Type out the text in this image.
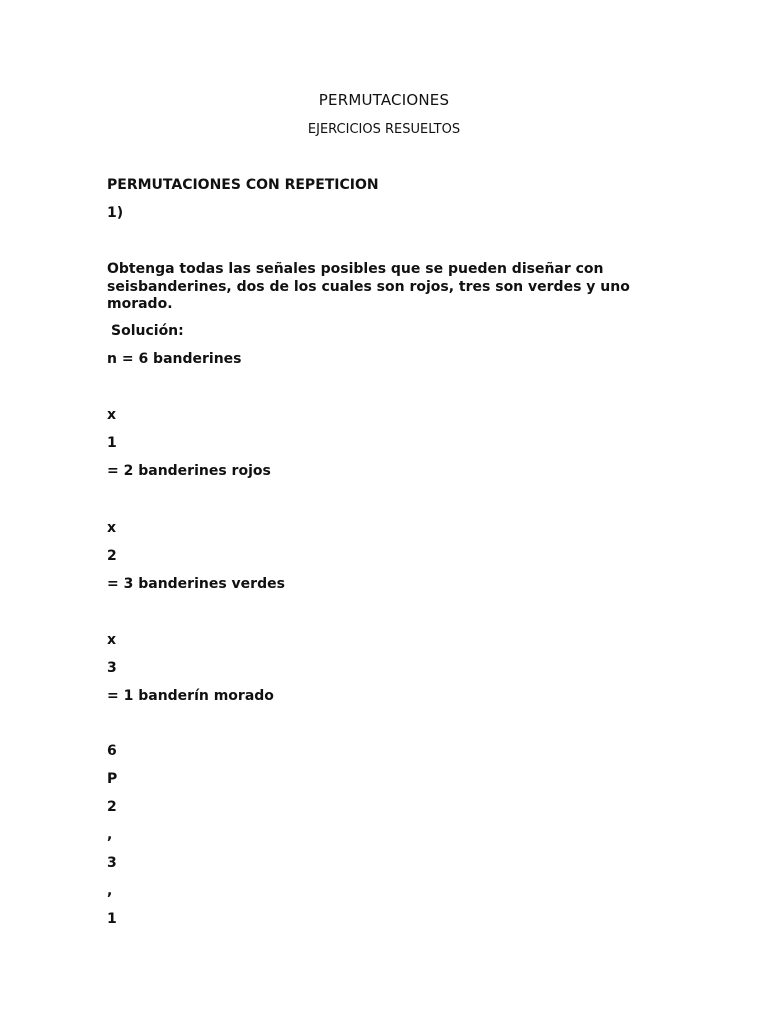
PERMUTACIONES
EJERCICIOS RESUELTOS
PERMUTACIONES CON REPETICION
1)
Obtenga todas las señales posibles que se pueden diseñar con seisbanderines, dos de los cuales son rojos, tres son verdes y uno morado.
Solución:
n = 6 banderines
x
1
= 2 banderines rojos
x
2
= 3 banderines verdes
x
3
= 1 banderín morado
6
P
2
,
3
,
1
